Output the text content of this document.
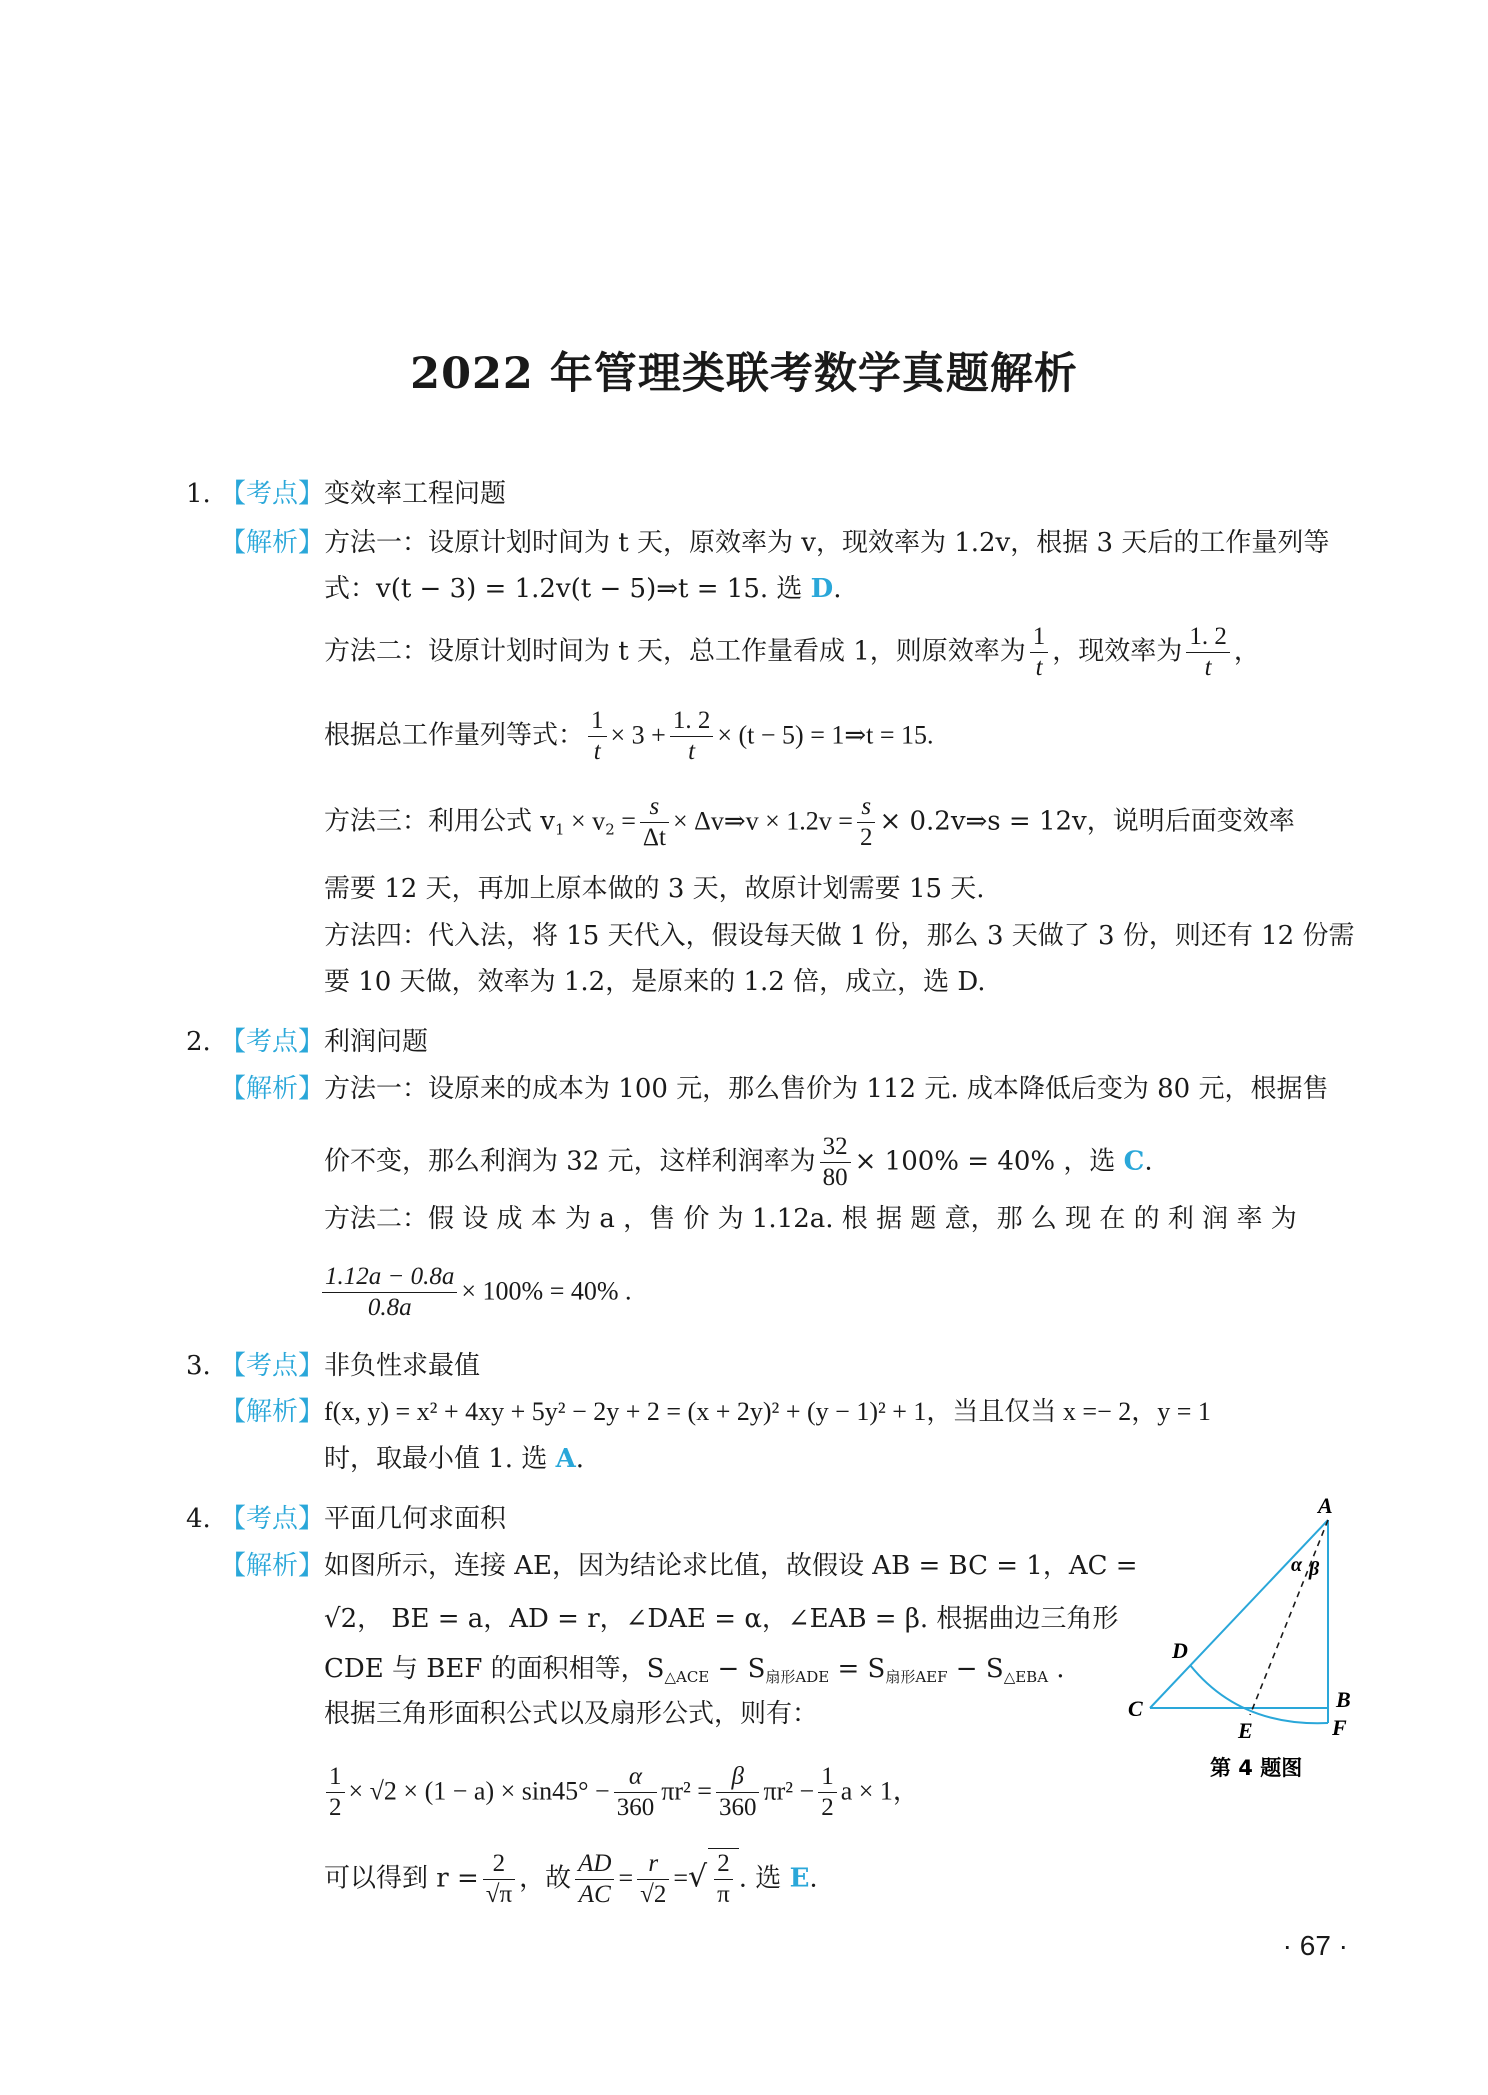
2022 年管理类联考数学真题解析
1. 【考点】变效率工程问题
【解析】方法一：设原计划时间为 t 天，原效率为 v，现效率为 1.2v，根据 3 天后的工作量列等
式：v(t − 3) = 1.2v(t − 5)⇒t = 15. 选 D.
方法二：设原计划时间为 t 天，总工作量看成 1，则原效率为 $\frac{1}{t}$ ，现效率为 $\frac{1. 2}{t}$ ，
根据总工作量列等式： $\frac{1}{t} \times 3 + \frac{1. 2}{t} \times (t - 5)$ = 1⇒t = 15.
方法三：利用公式 $v_1 \times v_2 = \frac{s}{\Delta t}$ × Δv⇒v × $1.2v = \frac{s}{2}$ × 0.2v⇒s = 12v，说明后面变效率
需要 12 天，再加上原本做的 3 天，故原计划需要 15 天.
方法四：代入法，将 15 天代入，假设每天做 1 份，那么 3 天做了 3 份，则还有 12 份需
要 10 天做，效率为 1.2，是原来的 1.2 倍，成立，选 D.
2. 【考点】利润问题
【解析】方法一：设原来的成本为 100 元，那么售价为 112 元. 成本降低后变为 80 元，根据售
价不变，那么利润为 32 元，这样利润率为 $\frac{32}{80} \times 100\% = 40\%$ ，选 C.
方法二：假 设 成 本 为 a ，售 价 为 1.12a. 根 据 题 意，那 么 现 在 的 利 润 率 为
$\frac{1.12a - 0.8a}{0.8a} \times 100\% = 40\%$ .
3. 【考点】非负性求最值
【解析】f(x, y) = x² + 4xy + 5y² − 2y + 2 = (x + 2y)² + (y − 1)² + 1，当且仅当 x =− 2，y = 1
时，取最小值 1. 选 A.
4. 【考点】平面几何求面积
【解析】如图所示，连接 AE，因为结论求比值，故假设 AB = BC = 1，AC =
√2， BE = a，AD = r，∠DAE = α，∠EAB = β. 根据曲边三角形
CDE 与 BEF 的面积相等，$S_{\triangle ACE} - S_{扇形ADE} = S_{扇形AEF} - S_{\triangle EBA}$ .
根据三角形面积公式以及扇形公式，则有：
$\frac{1}{2} \times √2 \times (1 - a) \times \sin 45^\circ - \frac{\alpha}{360} \pi r^2 = \frac{\beta}{360} \pi r^2 - \frac{1}{2}$ a × 1，
可以得到 $r = \frac{2}{√\pi}$ ，故 $\frac{AD}{AC} = \frac{r}{√2}$ =√ $\frac{2}{\pi}$ . 选 E.
A
α β
D
C
E
B
F
第 4 题图
· 67 ·
